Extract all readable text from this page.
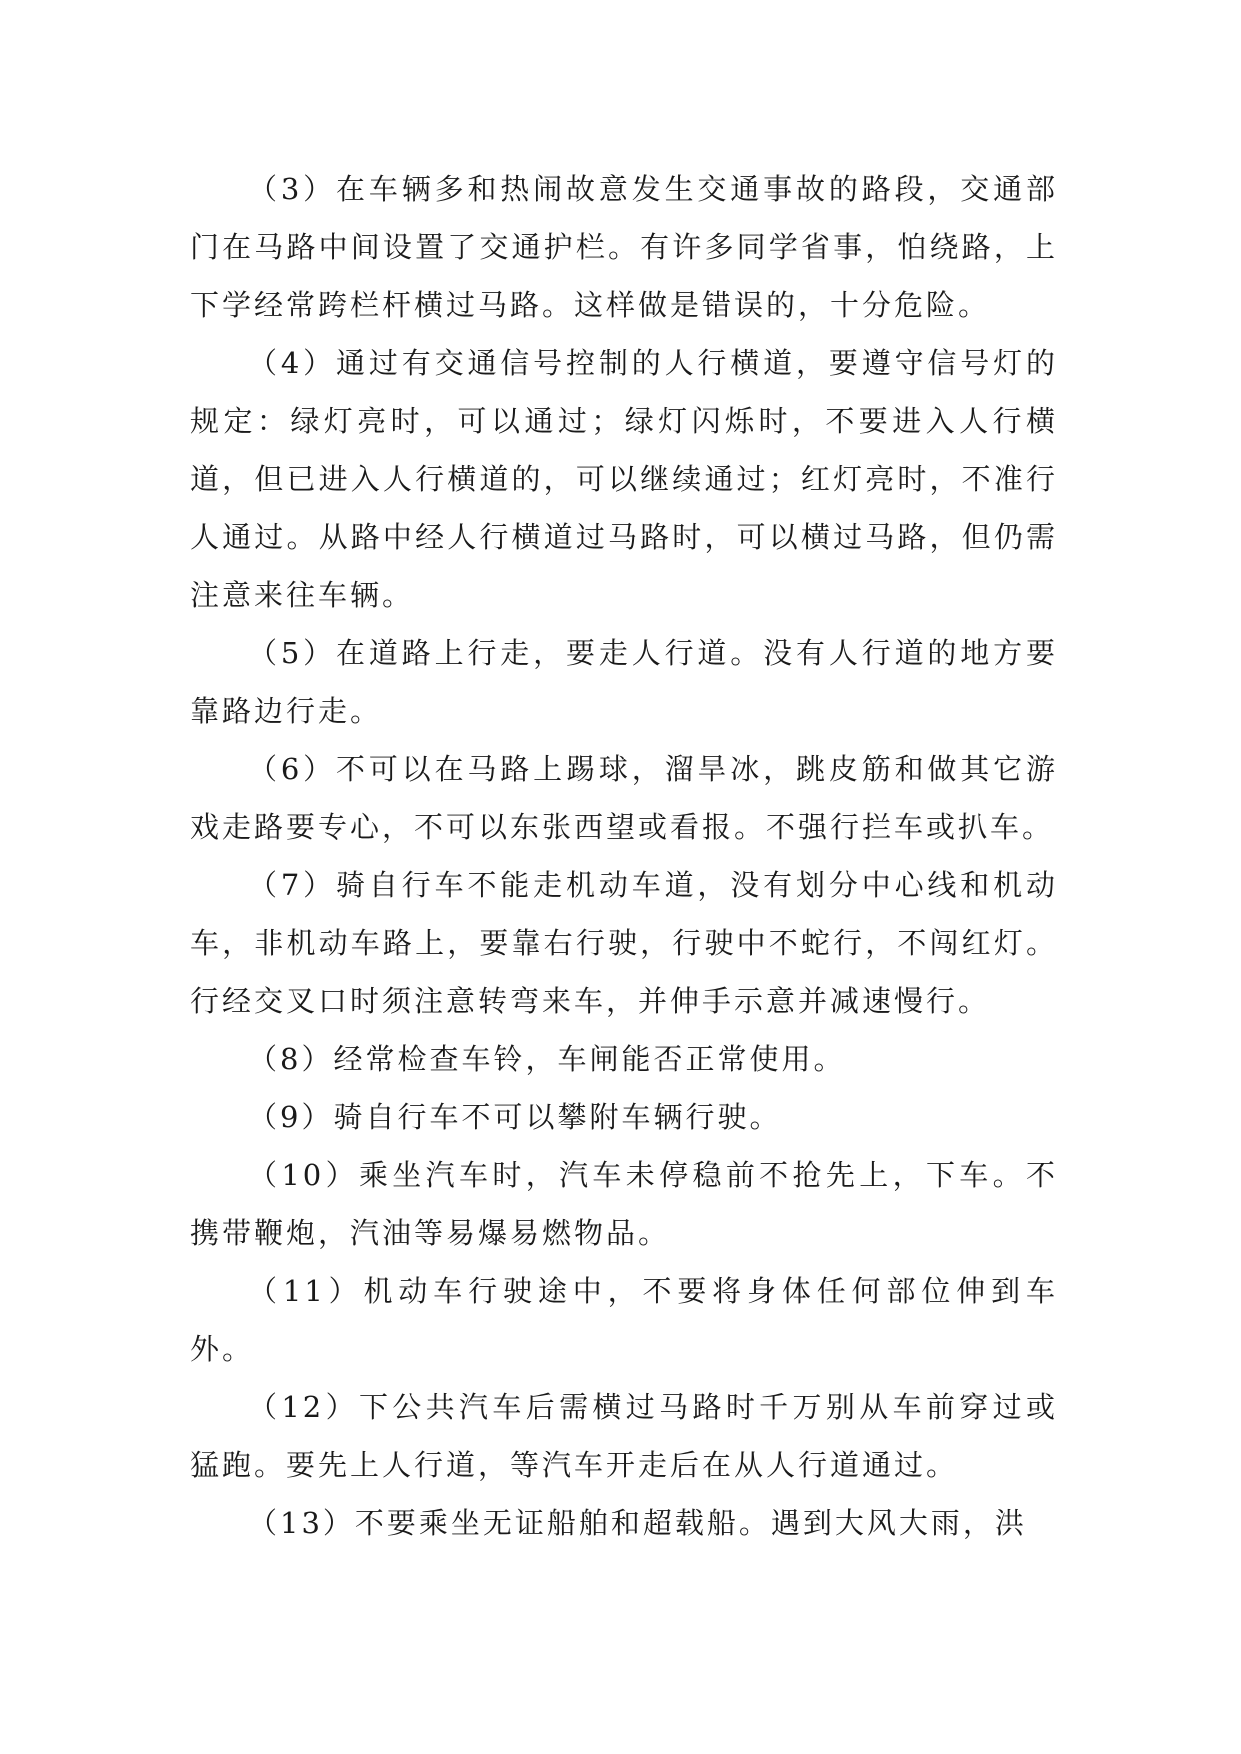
（3）在车辆多和热闹故意发生交通事故的路段，交通部门在马路中间设置了交通护栏。有许多同学省事，怕绕路，上下学经常跨栏杆横过马路。这样做是错误的，十分危险。

（4）通过有交通信号控制的人行横道，要遵守信号灯的规定：绿灯亮时，可以通过；绿灯闪烁时，不要进入人行横道，但已进入人行横道的，可以继续通过；红灯亮时，不准行人通过。从路中经人行横道过马路时，可以横过马路，但仍需注意来往车辆。

（5）在道路上行走，要走人行道。没有人行道的地方要靠路边行走。

（6）不可以在马路上踢球，溜旱冰，跳皮筋和做其它游戏走路要专心，不可以东张西望或看报。不强行拦车或扒车。

（7）骑自行车不能走机动车道，没有划分中心线和机动车，非机动车路上，要靠右行驶，行驶中不蛇行，不闯红灯。行经交叉口时须注意转弯来车，并伸手示意并减速慢行。

（8）经常检查车铃，车闸能否正常使用。

（9）骑自行车不可以攀附车辆行驶。

（10）乘坐汽车时，汽车未停稳前不抢先上，下车。不携带鞭炮，汽油等易爆易燃物品。

（11）机动车行驶途中，不要将身体任何部位伸到车外。

（12）下公共汽车后需横过马路时千万别从车前穿过或猛跑。要先上人行道，等汽车开走后在从人行道通过。

（13）不要乘坐无证船舶和超载船。遇到大风大雨，洪
